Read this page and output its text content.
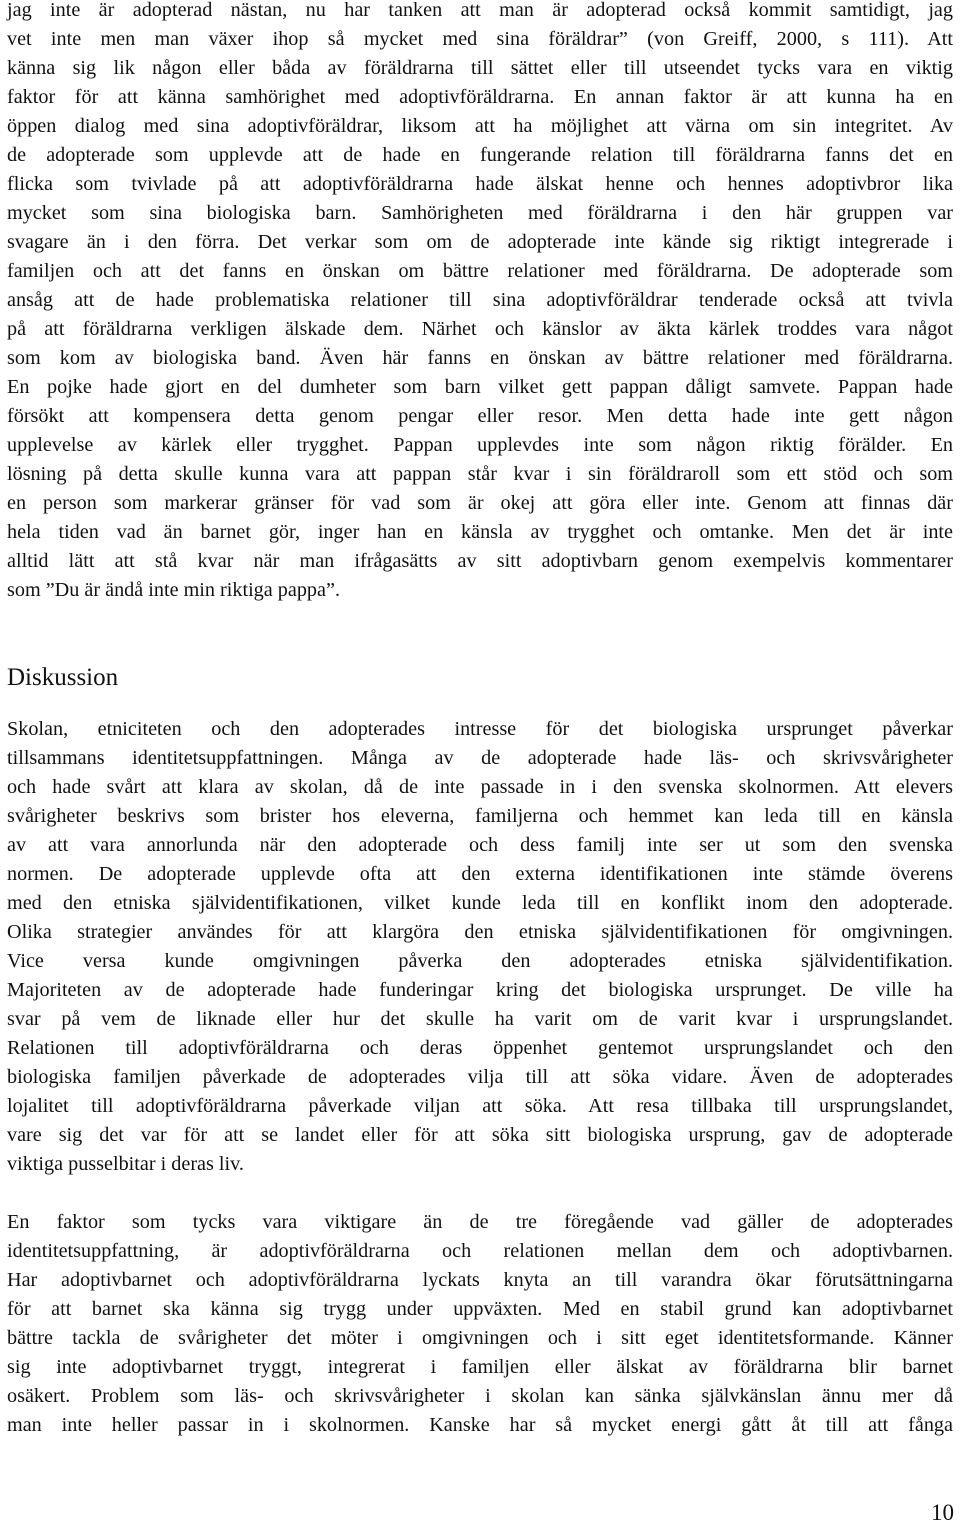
jag inte är adopterad nästan, nu har tanken att man är adopterad också kommit samtidigt, jag
vet inte men man växer ihop så mycket med sina föräldrar” (von Greiff, 2000, s 111). Att
känna sig lik någon eller båda av föräldrarna till sättet eller till utseendet tycks vara en viktig
faktor för att känna samhörighet med adoptivföräldrarna. En annan faktor är att kunna ha en
öppen dialog med sina adoptivföräldrar, liksom att ha möjlighet att värna om sin integritet. Av
de adopterade som upplevde att de hade en fungerande relation till föräldrarna fanns det en
flicka som tvivlade på att adoptivföräldrarna hade älskat henne och hennes adoptivbror lika
mycket som sina biologiska barn. Samhörigheten med föräldrarna i den här gruppen var
svagare än i den förra. Det verkar som om de adopterade inte kände sig riktigt integrerade i
familjen och att det fanns en önskan om bättre relationer med föräldrarna. De adopterade som
ansåg att de hade problematiska relationer till sina adoptivföräldrar tenderade också att tvivla
på att föräldrarna verkligen älskade dem. Närhet och känslor av äkta kärlek troddes vara något
som kom av biologiska band. Även här fanns en önskan av bättre relationer med föräldrarna.
En pojke hade gjort en del dumheter som barn vilket gett pappan dåligt samvete. Pappan hade
försökt att kompensera detta genom pengar eller resor. Men detta hade inte gett någon
upplevelse av kärlek eller trygghet. Pappan upplevdes inte som någon riktig förälder. En
lösning på detta skulle kunna vara att pappan står kvar i sin föräldraroll som ett stöd och som
en person som markerar gränser för vad som är okej att göra eller inte. Genom att finnas där
hela tiden vad än barnet gör, inger han en känsla av trygghet och omtanke. Men det är inte
alltid lätt att stå kvar när man ifrågasätts av sitt adoptivbarn genom exempelvis kommentarer
som ”Du är ändå inte min riktiga pappa”.
Diskussion
Skolan, etniciteten och den adopterades intresse för det biologiska ursprunget påverkar
tillsammans identitetsuppfattningen. Många av de adopterade hade läs- och skrivsvårigheter
och hade svårt att klara av skolan, då de inte passade in i den svenska skolnormen. Att elevers
svårigheter beskrivs som brister hos eleverna, familjerna och hemmet kan leda till en känsla
av att vara annorlunda när den adopterade och dess familj inte ser ut som den svenska
normen. De adopterade upplevde ofta att den externa identifikationen inte stämde överens
med den etniska självidentifikationen, vilket kunde leda till en konflikt inom den adopterade.
Olika strategier användes för att klargöra den etniska självidentifikationen för omgivningen.
Vice versa kunde omgivningen påverka den adopterades etniska självidentifikation.
Majoriteten av de adopterade hade funderingar kring det biologiska ursprunget. De ville ha
svar på vem de liknade eller hur det skulle ha varit om de varit kvar i ursprungslandet.
Relationen till adoptivföräldrarna och deras öppenhet gentemot ursprungslandet och den
biologiska familjen påverkade de adopterades vilja till att söka vidare. Även de adopterades
lojalitet till adoptivföräldrarna påverkade viljan att söka. Att resa tillbaka till ursprungslandet,
vare sig det var för att se landet eller för att söka sitt biologiska ursprung, gav de adopterade
viktiga pusselbitar i deras liv.
En faktor som tycks vara viktigare än de tre föregående vad gäller de adopterades
identitetsuppfattning, är adoptivföräldrarna och relationen mellan dem och adoptivbarnen.
Har adoptivbarnet och adoptivföräldrarna lyckats knyta an till varandra ökar förutsättningarna
för att barnet ska känna sig trygg under uppväxten. Med en stabil grund kan adoptivbarnet
bättre tackla de svårigheter det möter i omgivningen och i sitt eget identitetsformande. Känner
sig inte adoptivbarnet tryggt, integrerat i familjen eller älskat av föräldrarna blir barnet
osäkert. Problem som läs- och skrivsvårigheter i skolan kan sänka självkänslan ännu mer då
man inte heller passar in i skolnormen. Kanske har så mycket energi gått åt till att fånga
10
